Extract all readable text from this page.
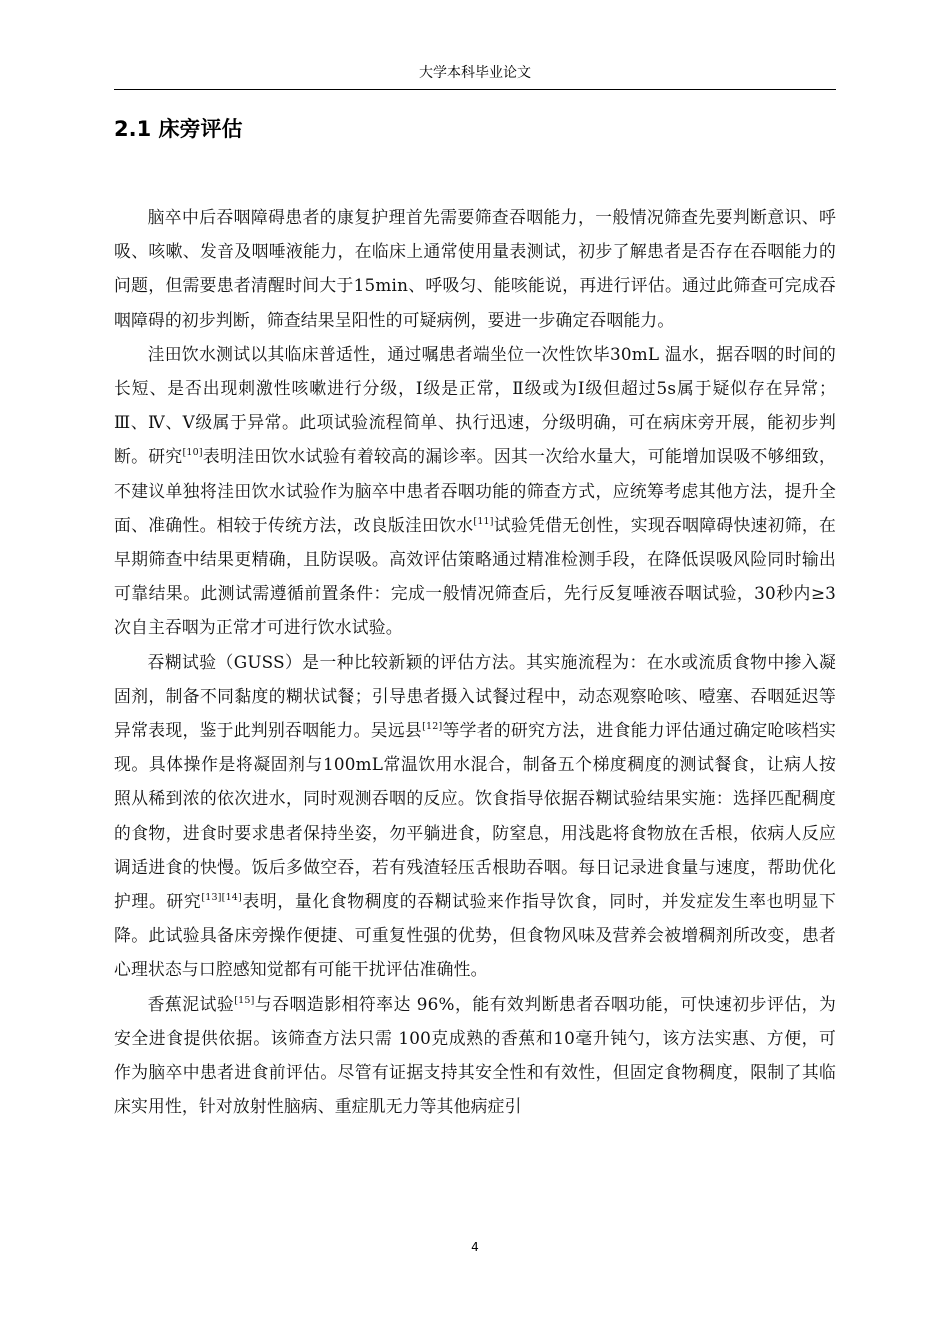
大学本科毕业论文
2.1 床旁评估

脑卒中后吞咽障碍患者的康复护理首先需要筛查吞咽能力，一般情况筛查先要判断意识、呼吸、咳嗽、发音及咽唾液能力，在临床上通常使用量表测试，初步了解患者是否存在吞咽能力的问题，但需要患者清醒时间大于15min、呼吸匀、能咳能说，再进行评估。通过此筛查可完成吞咽障碍的初步判断，筛查结果呈阳性的可疑病例，要进一步确定吞咽能力。

洼田饮水测试以其临床普适性，通过嘱患者端坐位一次性饮毕30mL 温水，据吞咽的时间的长短、是否出现刺激性咳嗽进行分级，Ⅰ级是正常，Ⅱ级或为Ⅰ级但超过5s属于疑似存在异常；Ⅲ、Ⅳ、Ⅴ级属于异常。此项试验流程简单、执行迅速，分级明确，可在病床旁开展，能初步判断。研究[10]表明洼田饮水试验有着较高的漏诊率。因其一次给水量大，可能增加误吸不够细致，不建议单独将洼田饮水试验作为脑卒中患者吞咽功能的筛查方式，应统筹考虑其他方法，提升全面、准确性。相较于传统方法，改良版洼田饮水[11]试验凭借无创性，实现吞咽障碍快速初筛，在早期筛查中结果更精确，且防误吸。高效评估策略通过精准检测手段，在降低误吸风险同时输出可靠结果。此测试需遵循前置条件：完成一般情况筛查后，先行反复唾液吞咽试验，30秒内≥3次自主吞咽为正常才可进行饮水试验。

吞糊试验（GUSS）是一种比较新颖的评估方法。其实施流程为：在水或流质食物中掺入凝固剂，制备不同黏度的糊状试餐；引导患者摄入试餐过程中，动态观察呛咳、噎塞、吞咽延迟等异常表现，鉴于此判别吞咽能力。吴远县[12]等学者的研究方法，进食能力评估通过确定呛咳档实现。具体操作是将凝固剂与100mL常温饮用水混合，制备五个梯度稠度的测试餐食，让病人按照从稀到浓的依次进水，同时观测吞咽的反应。饮食指导依据吞糊试验结果实施：选择匹配稠度的食物，进食时要求患者保持坐姿，勿平躺进食，防窒息，用浅匙将食物放在舌根，依病人反应调适进食的快慢。饭后多做空吞，若有残渣轻压舌根助吞咽。每日记录进食量与速度，帮助优化护理。研究[13][14]表明，量化食物稠度的吞糊试验来作指导饮食，同时，并发症发生率也明显下降。此试验具备床旁操作便捷、可重复性强的优势，但食物风味及营养会被增稠剂所改变，患者心理状态与口腔感知觉都有可能干扰评估准确性。

香蕉泥试验[15]与吞咽造影相符率达 96%，能有效判断患者吞咽功能，可快速初步评估，为安全进食提供依据。该筛查方法只需 100克成熟的香蕉和10毫升钝勺，该方法实惠、方便，可作为脑卒中患者进食前评估。尽管有证据支持其安全性和有效性，但固定食物稠度，限制了其临床实用性，针对放射性脑病、重症肌无力等其他病症引

4
